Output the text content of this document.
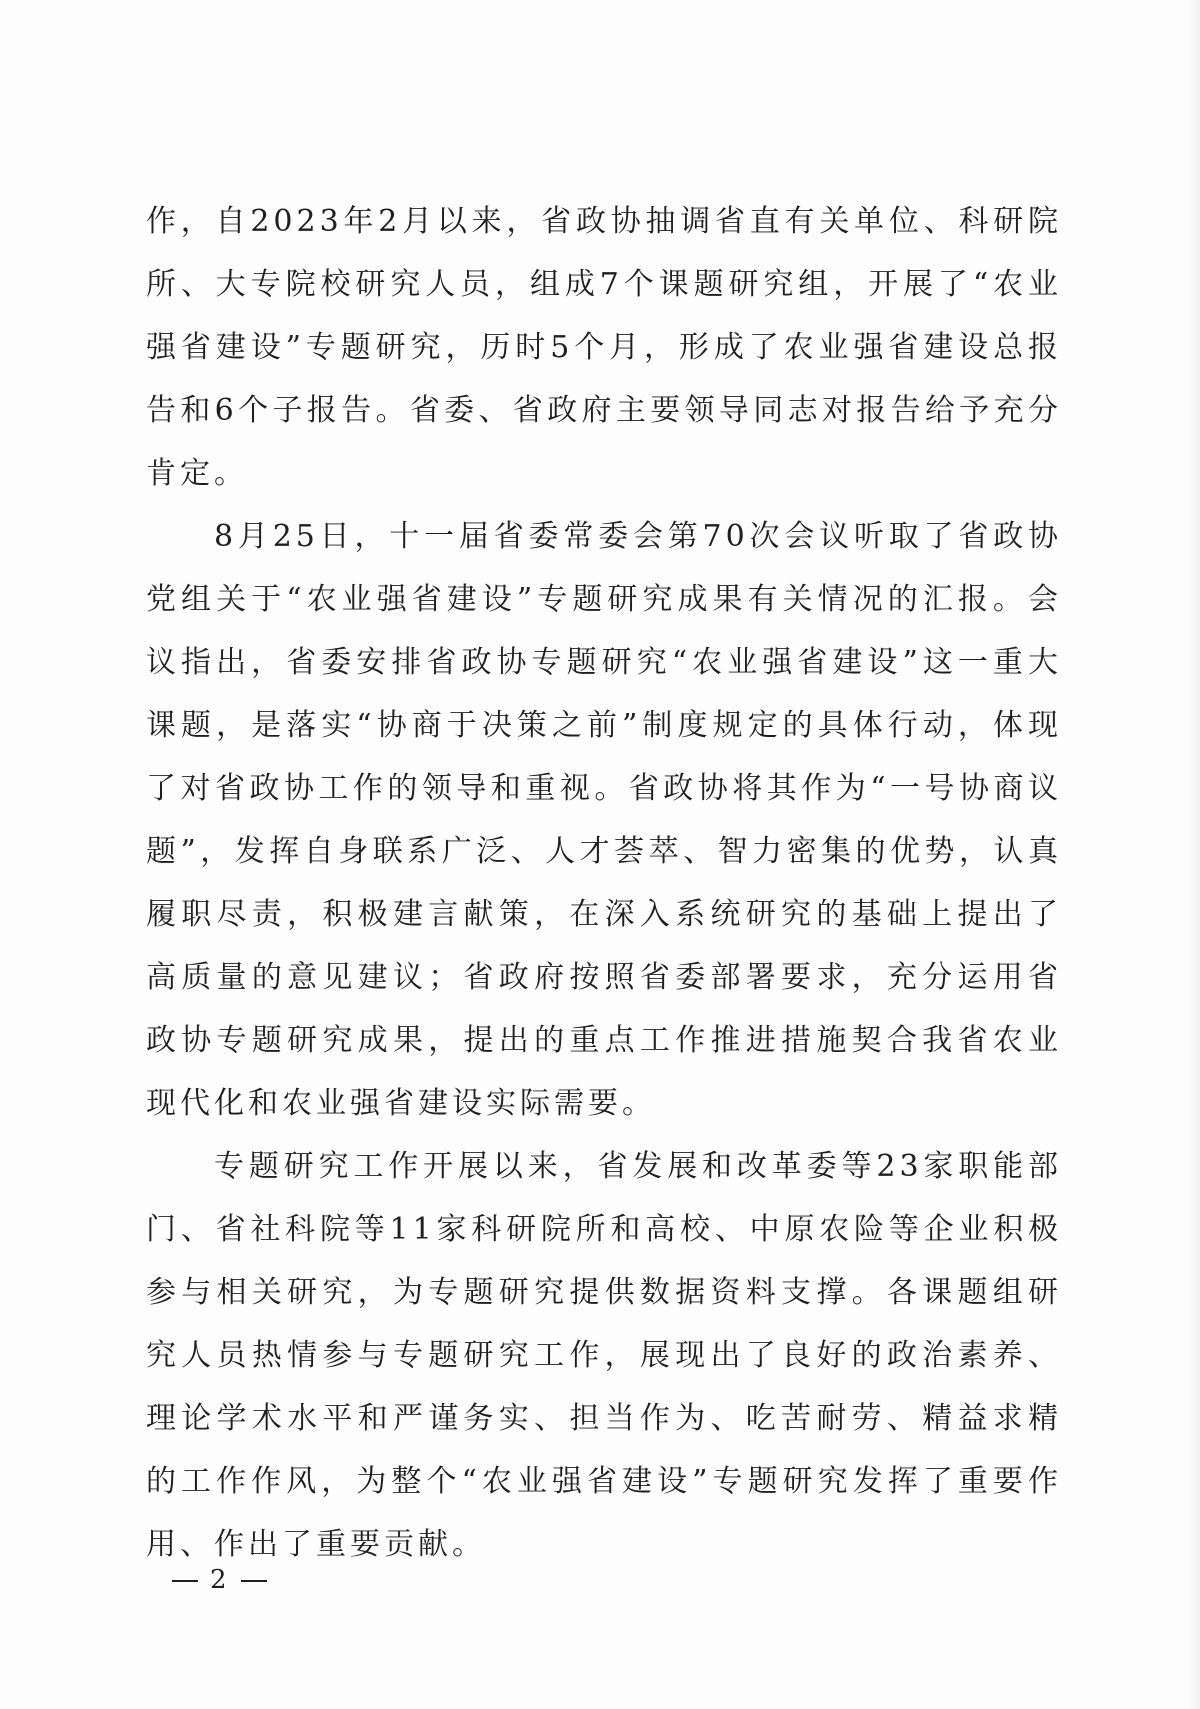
作，自2023年2月以来，省政协抽调省直有关单位、科研院所、大专院校研究人员，组成7个课题研究组，开展了“农业强省建设”专题研究，历时5个月，形成了农业强省建设总报告和6个子报告。省委、省政府主要领导同志对报告给予充分肯定。

8月25日，十一届省委常委会第70次会议听取了省政协党组关于“农业强省建设”专题研究成果有关情况的汇报。会议指出，省委安排省政协专题研究“农业强省建设”这一重大课题，是落实“协商于决策之前”制度规定的具体行动，体现了对省政协工作的领导和重视。省政协将其作为“一号协商议题”，发挥自身联系广泛、人才荟萃、智力密集的优势，认真履职尽责，积极建言献策，在深入系统研究的基础上提出了高质量的意见建议；省政府按照省委部署要求，充分运用省政协专题研究成果，提出的重点工作推进措施契合我省农业现代化和农业强省建设实际需要。

专题研究工作开展以来，省发展和改革委等23家职能部门、省社科院等11家科研院所和高校、中原农险等企业积极参与相关研究，为专题研究提供数据资料支撑。各课题组研究人员热情参与专题研究工作，展现出了良好的政治素养、理论学术水平和严谨务实、担当作为、吃苦耐劳、精益求精的工作作风，为整个“农业强省建设”专题研究发挥了重要作用、作出了重要贡献。

2
